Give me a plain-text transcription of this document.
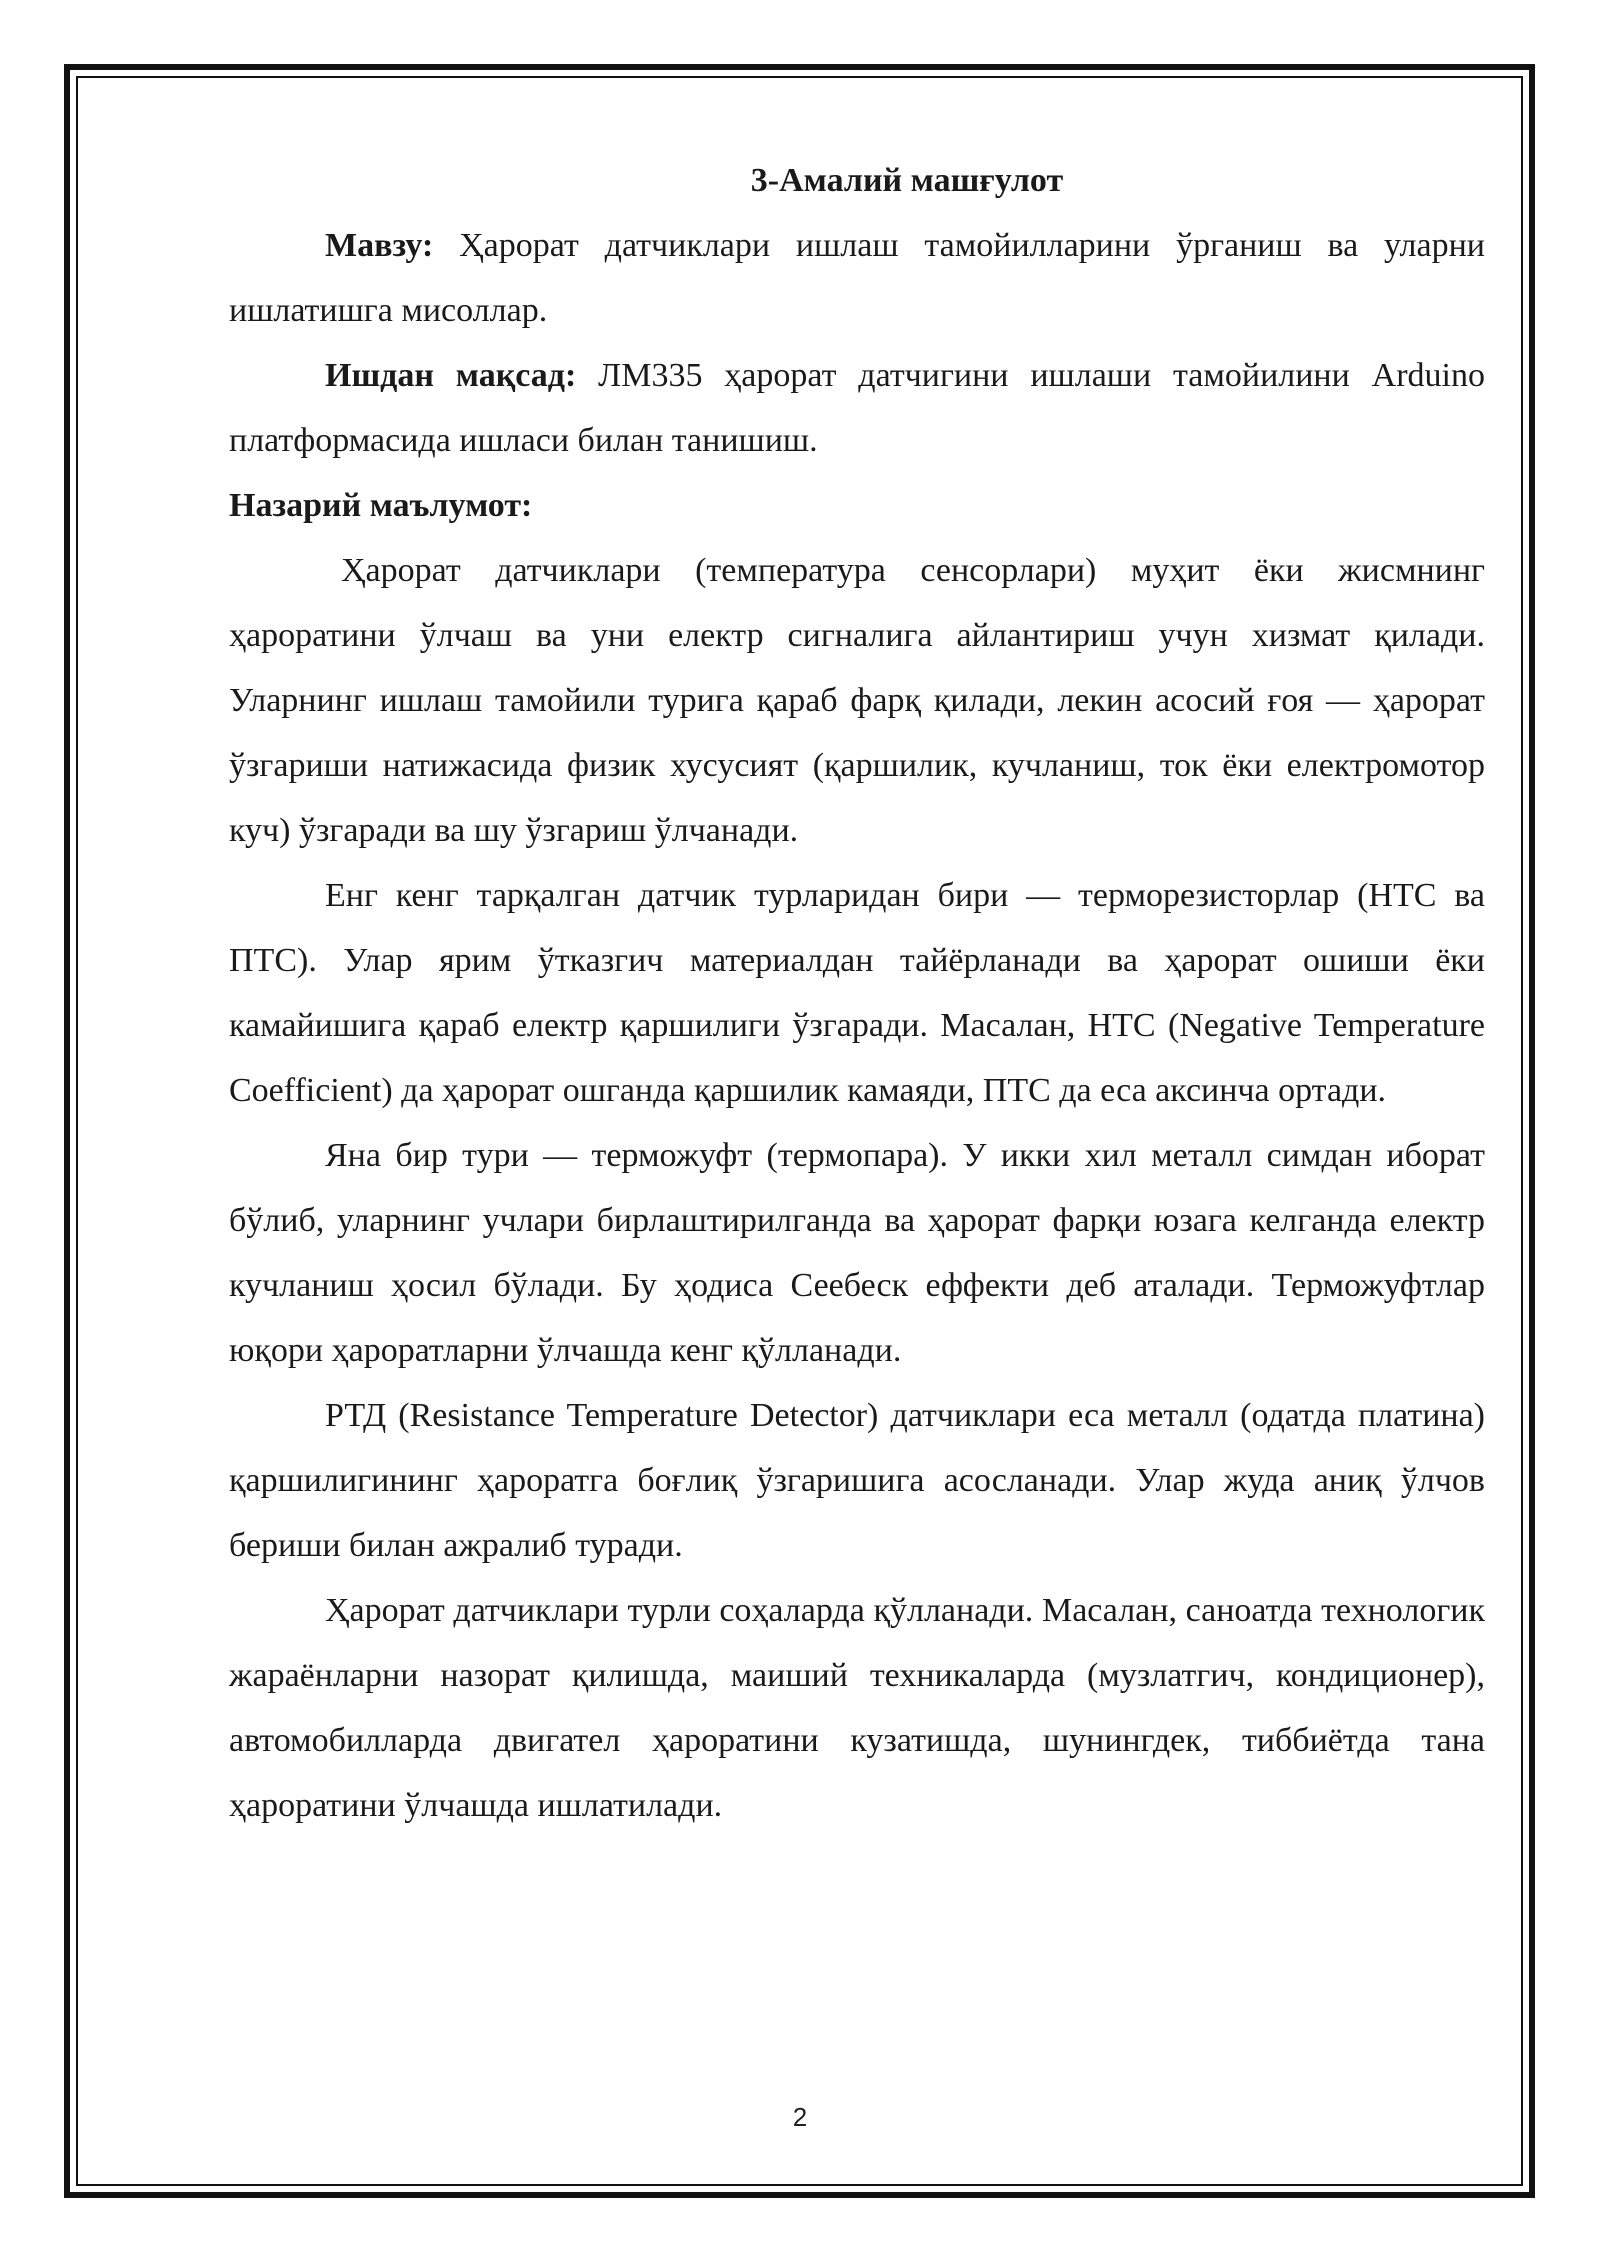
3-Амалий машғулот

Мавзу: Ҳарорат датчиклари ишлаш тамойилларини ўрганиш ва уларни ишлатишга мисоллар.

Ишдан мақсад: ЛМ335 ҳарорат датчигини ишлаши тамойилини Arduino платформасида ишласи билан танишиш.

Назарий маълумот:

Ҳарорат датчиклари (температура сенсорлари) муҳит ёки жисмнинг ҳароратини ўлчаш ва уни електр сигналига айлантириш учун хизмат қилади. Уларнинг ишлаш тамойили турига қараб фарқ қилади, лекин асосий ғоя — ҳарорат ўзгариши натижасида физик хусусият (қаршилик, кучланиш, ток ёки електромотор куч) ўзгаради ва шу ўзгариш ўлчанади.

Енг кенг тарқалган датчик турларидан бири — терморезисторлар (НТС ва ПТС). Улар ярим ўтказгич материалдан тайёрланади ва ҳарорат ошиши ёки камайишига қараб електр қаршилиги ўзгаради. Масалан, НТС (Negative Temperature Coefficient) да ҳарорат ошганда қаршилик камаяди, ПТС да еса аксинча ортади.

Яна бир тури — терможуфт (термопара). У икки хил металл симдан иборат бўлиб, уларнинг учлари бирлаштирилганда ва ҳарорат фарқи юзага келганда електр кучланиш ҳосил бўлади. Бу ҳодиса Сеебеск еффекти деб аталади. Терможуфтлар юқори ҳароратларни ўлчашда кенг қўлланади.

РТД (Resistance Temperature Detector) датчиклари еса металл (одатда платина) қаршилигининг ҳароратга боғлиқ ўзгаришига асосланади. Улар жуда аниқ ўлчов бериши билан ажралиб туради.

Ҳарорат датчиклари турли соҳаларда қўлланади. Масалан, саноатда технологик жараёнларни назорат қилишда, маиший техникаларда (музлатгич, кондиционер), автомобилларда двигател ҳароратини кузатишда, шунингдек, тиббиётда тана ҳароратини ўлчашда ишлатилади.

2
